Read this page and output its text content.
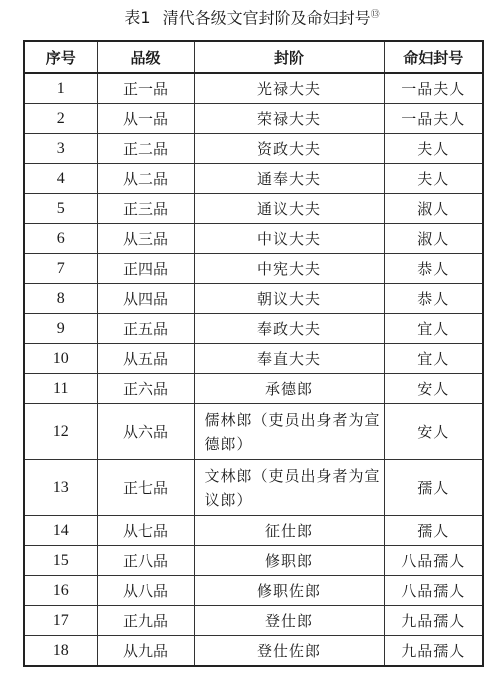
表1 清代各级文官封阶及命妇封号⑬
序号	品级	封阶	命妇封号
1	正一品	光禄大夫	一品夫人
2	从一品	荣禄大夫	一品夫人
3	正二品	资政大夫	夫人
4	从二品	通奉大夫	夫人
5	正三品	通议大夫	淑人
6	从三品	中议大夫	淑人
7	正四品	中宪大夫	恭人
8	从四品	朝议大夫	恭人
9	正五品	奉政大夫	宜人
10	从五品	奉直大夫	宜人
11	正六品	承德郎	安人
12	从六品	儒林郎（吏员出身者为宣德郎）	安人
13	正七品	文林郎（吏员出身者为宣议郎）	孺人
14	从七品	征仕郎	孺人
15	正八品	修职郎	八品孺人
16	从八品	修职佐郎	八品孺人
17	正九品	登仕郎	九品孺人
18	从九品	登仕佐郎	九品孺人
